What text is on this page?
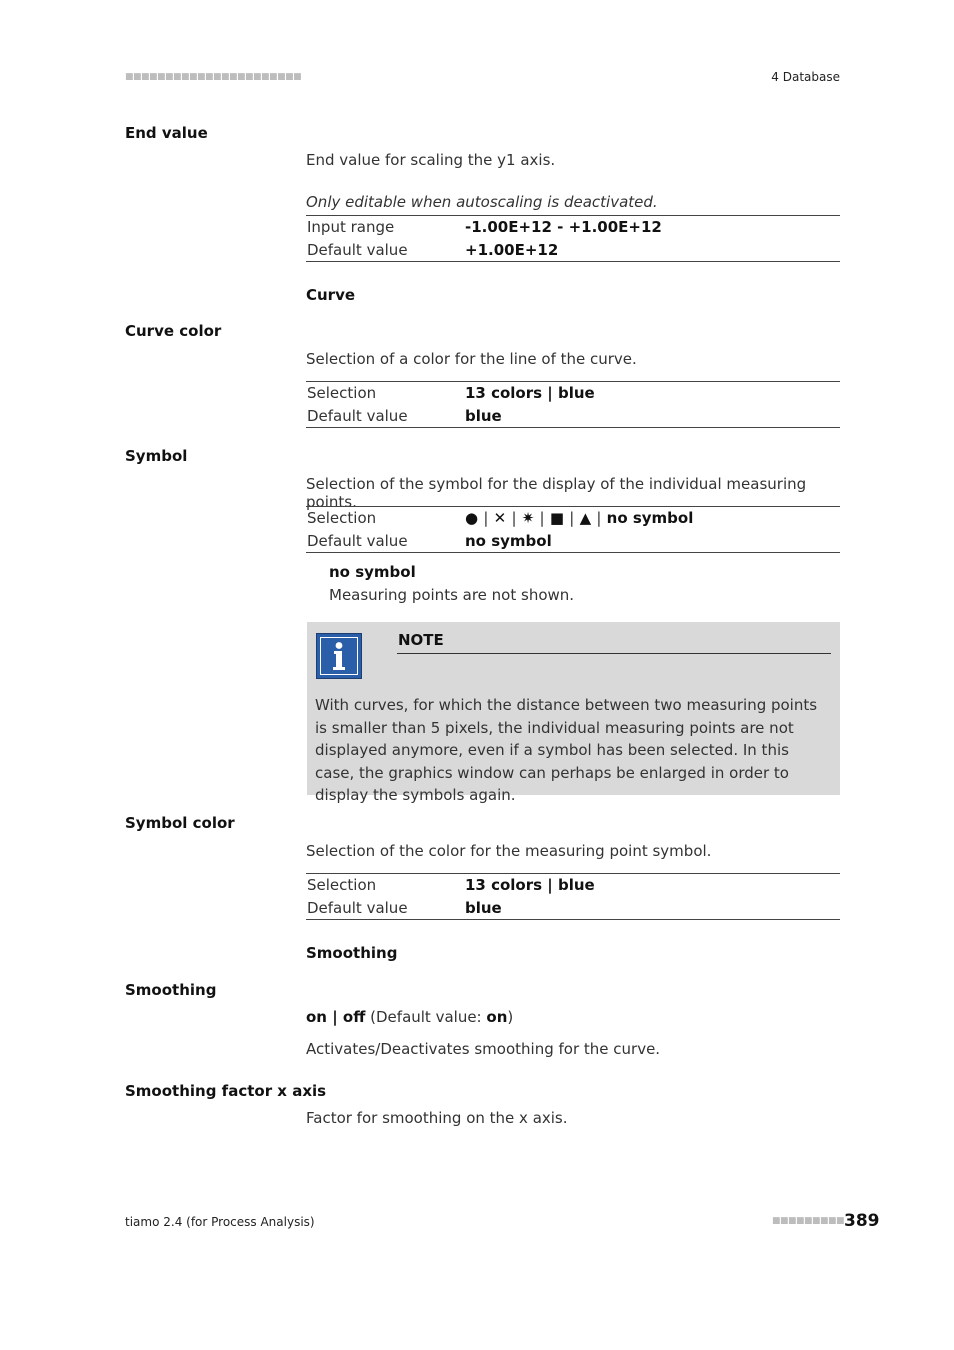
■■■■■■■■■■■■■■■■■■■■■■	4 Database
End value
End value for scaling the y1 axis.
Only editable when autoscaling is deactivated.
Input range	-1.00E+12 - +1.00E+12
Default value	+1.00E+12
Curve
Curve color
Selection of a color for the line of the curve.
Selection	13 colors | blue
Default value	blue
Symbol
Selection of the symbol for the display of the individual measuring points.
Selection	● | ✕ | ✷ | ■ | ▲ | no symbol
Default value	no symbol
no symbol
Measuring points are not shown.
NOTE
With curves, for which the distance between two measuring points is smaller than 5 pixels, the individual measuring points are not displayed anymore, even if a symbol has been selected. In this case, the graphics window can perhaps be enlarged in order to display the symbols again.
Symbol color
Selection of the color for the measuring point symbol.
Selection	13 colors | blue
Default value	blue
Smoothing
Smoothing
on | off (Default value: on)
Activates/Deactivates smoothing for the curve.
Smoothing factor x axis
Factor for smoothing on the x axis.
tiamo 2.4 (for Process Analysis)	■■■■■■■■■ 389
